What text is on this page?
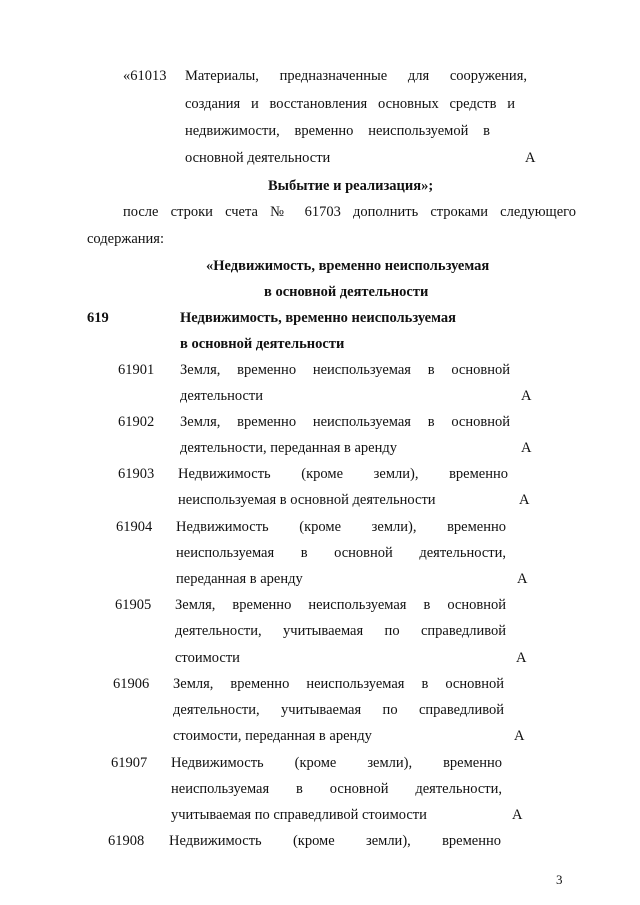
«61013 Материалы, предназначенные для сооружения,
создания и восстановления основных средств и
недвижимости, временно неиспользуемой в
основной деятельности	А
Выбытие и реализация»;
после строки счета № 61703 дополнить строками следующего
содержания:
«Недвижимость, временно неиспользуемая
в основной деятельности
619	Недвижимость, временно неиспользуемая
в основной деятельности
61901 Земля, временно неиспользуемая в основной
деятельности	А
61902 Земля, временно неиспользуемая в основной
деятельности, переданная в аренду	А
61903 Недвижимость (кроме земли), временно
неиспользуемая в основной деятельности	А
61904 Недвижимость (кроме земли), временно
неиспользуемая в основной деятельности,
переданная в аренду	А
61905 Земля, временно неиспользуемая в основной
деятельности, учитываемая по справедливой
стоимости	А
61906 Земля, временно неиспользуемая в основной
деятельности, учитываемая по справедливой
стоимости, переданная в аренду	А
61907 Недвижимость (кроме земли), временно
неиспользуемая в основной деятельности,
учитываемая по справедливой стоимости	А
61908 Недвижимость (кроме земли), временно
3
